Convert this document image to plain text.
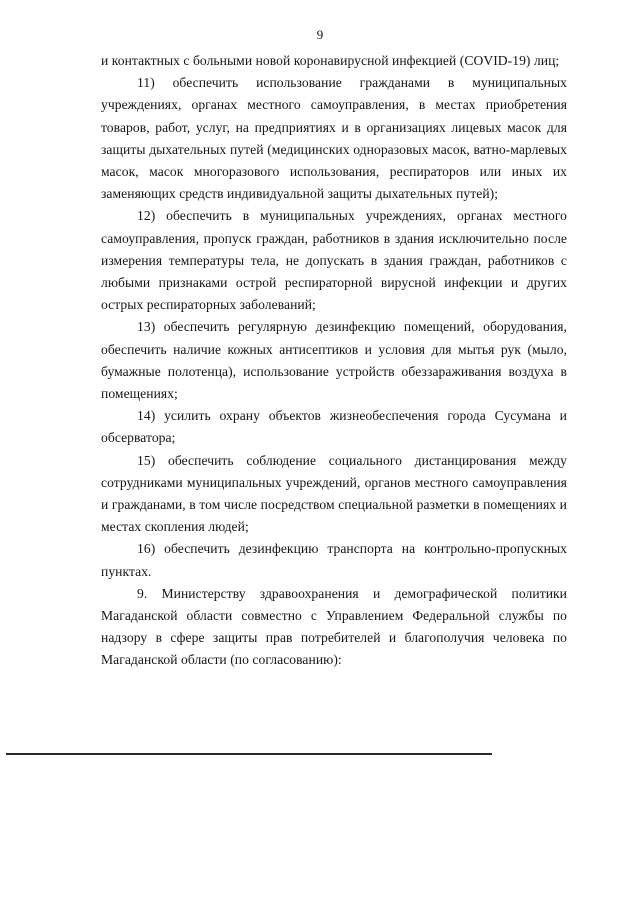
9

и контактных с больными новой коронавирусной инфекцией (COVID-19) лиц;

11) обеспечить использование гражданами в муниципальных учреждениях, органах местного самоуправления, в местах приобретения товаров, работ, услуг, на предприятиях и в организациях лицевых масок для защиты дыхательных путей (медицинских одноразовых масок, ватно-марлевых масок, масок многоразового использования, респираторов или иных их заменяющих средств индивидуальной защиты дыхательных путей);

12) обеспечить в муниципальных учреждениях, органах местного самоуправления, пропуск граждан, работников в здания исключительно после измерения температуры тела, не допускать в здания граждан, работников с любыми признаками острой респираторной вирусной инфекции и других острых респираторных заболеваний;

13) обеспечить регулярную дезинфекцию помещений, оборудования, обеспечить наличие кожных антисептиков и условия для мытья рук (мыло, бумажные полотенца), использование устройств обеззараживания воздуха в помещениях;

14) усилить охрану объектов жизнеобеспечения города Сусумана и обсерватора;

15) обеспечить соблюдение социального дистанцирования между сотрудниками муниципальных учреждений, органов местного самоуправления и гражданами, в том числе посредством специальной разметки в помещениях и местах скопления людей;

16) обеспечить дезинфекцию транспорта на контрольно-пропускных пунктах.

9. Министерству здравоохранения и демографической политики Магаданской области совместно с Управлением Федеральной службы по надзору в сфере защиты прав потребителей и благополучия человека по Магаданской области (по согласованию):
